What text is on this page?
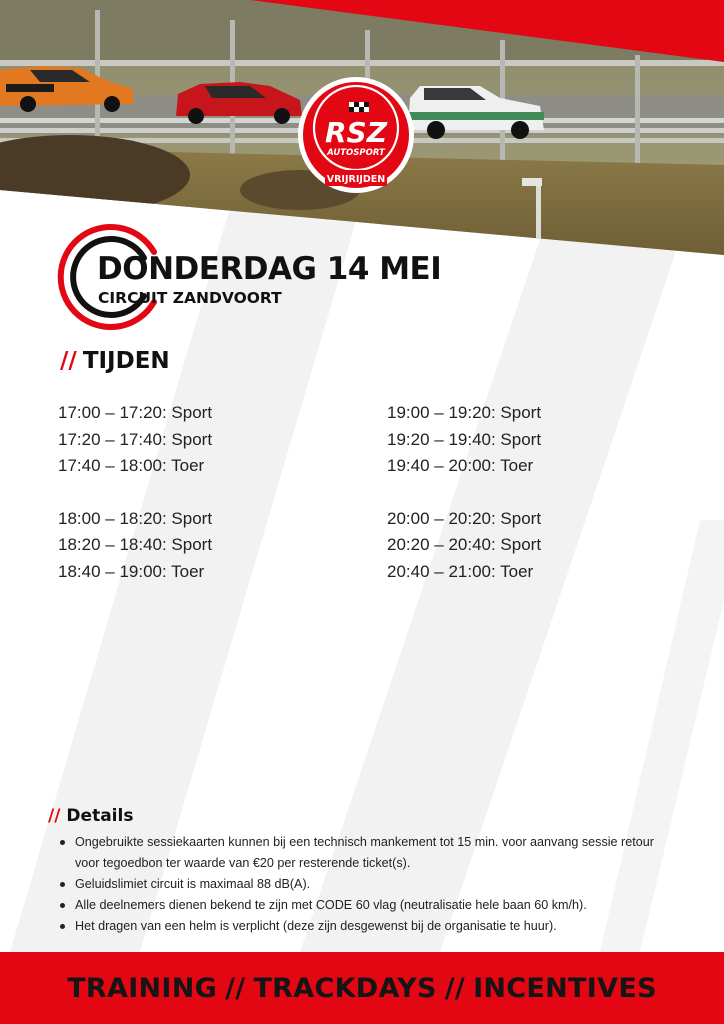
RSZ
AUTOSPORT
VRIJRIJDEN
DONDERDAG 14 MEI
CIRCUIT ZANDVOORT
// TIJDEN
17:00 – 17:20: Sport
17:20 – 17:40: Sport
17:40 – 18:00: Toer
18:00 – 18:20: Sport
18:20 – 18:40: Sport
18:40 – 19:00: Toer
19:00 – 19:20: Sport
19:20 – 19:40: Sport
19:40 – 20:00: Toer
20:00 – 20:20: Sport
20:20 – 20:40: Sport
20:40 – 21:00: Toer
// Details
Ongebruikte sessiekaarten kunnen bij een technisch mankement tot 15 min. voor aanvang sessie retour voor tegoedbon ter waarde van €20 per resterende ticket(s).
Geluidslimiet circuit is maximaal 88 dB(A).
Alle deelnemers dienen bekend te zijn met CODE 60 vlag (neutralisatie hele baan 60 km/h).
Het dragen van een helm is verplicht (deze zijn desgewenst bij de organisatie te huur).
TRAINING // TRACKDAYS // INCENTIVES
